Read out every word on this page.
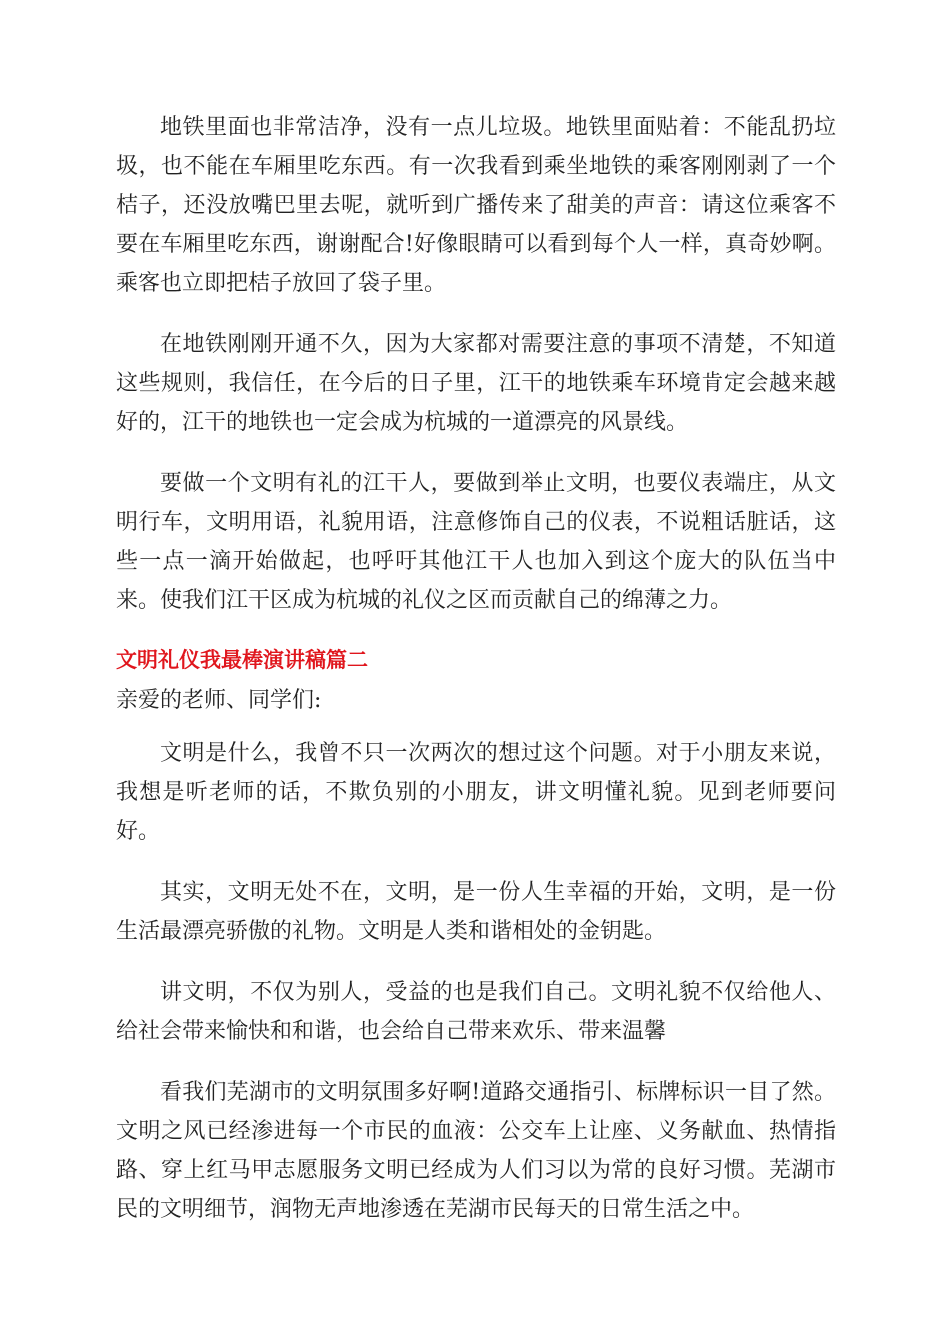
地铁里面也非常洁净，没有一点儿垃圾。地铁里面贴着：不能乱扔垃圾，也不能在车厢里吃东西。有一次我看到乘坐地铁的乘客刚刚剥了一个桔子，还没放嘴巴里去呢，就听到广播传来了甜美的声音：请这位乘客不要在车厢里吃东西，谢谢配合!好像眼睛可以看到每个人一样，真奇妙啊。乘客也立即把桔子放回了袋子里。

在地铁刚刚开通不久，因为大家都对需要注意的事项不清楚，不知道这些规则，我信任，在今后的日子里，江干的地铁乘车环境肯定会越来越好的，江干的地铁也一定会成为杭城的一道漂亮的风景线。

要做一个文明有礼的江干人，要做到举止文明，也要仪表端庄，从文明行车，文明用语，礼貌用语，注意修饰自己的仪表，不说粗话脏话，这些一点一滴开始做起，也呼吁其他江干人也加入到这个庞大的队伍当中来。使我们江干区成为杭城的礼仪之区而贡献自己的绵薄之力。

文明礼仪我最棒演讲稿篇二

亲爱的老师、同学们:

文明是什么，我曾不只一次两次的想过这个问题。对于小朋友来说，我想是听老师的话，不欺负别的小朋友，讲文明懂礼貌。见到老师要问好。

其实，文明无处不在，文明，是一份人生幸福的开始，文明，是一份生活最漂亮骄傲的礼物。文明是人类和谐相处的金钥匙。

讲文明，不仅为别人，受益的也是我们自己。文明礼貌不仅给他人、给社会带来愉快和和谐，也会给自己带来欢乐、带来温馨

看我们芜湖市的文明氛围多好啊!道路交通指引、标牌标识一目了然。文明之风已经渗进每一个市民的血液：公交车上让座、义务献血、热情指路、穿上红马甲志愿服务文明已经成为人们习以为常的良好习惯。芜湖市民的文明细节，润物无声地渗透在芜湖市民每天的日常生活之中。
